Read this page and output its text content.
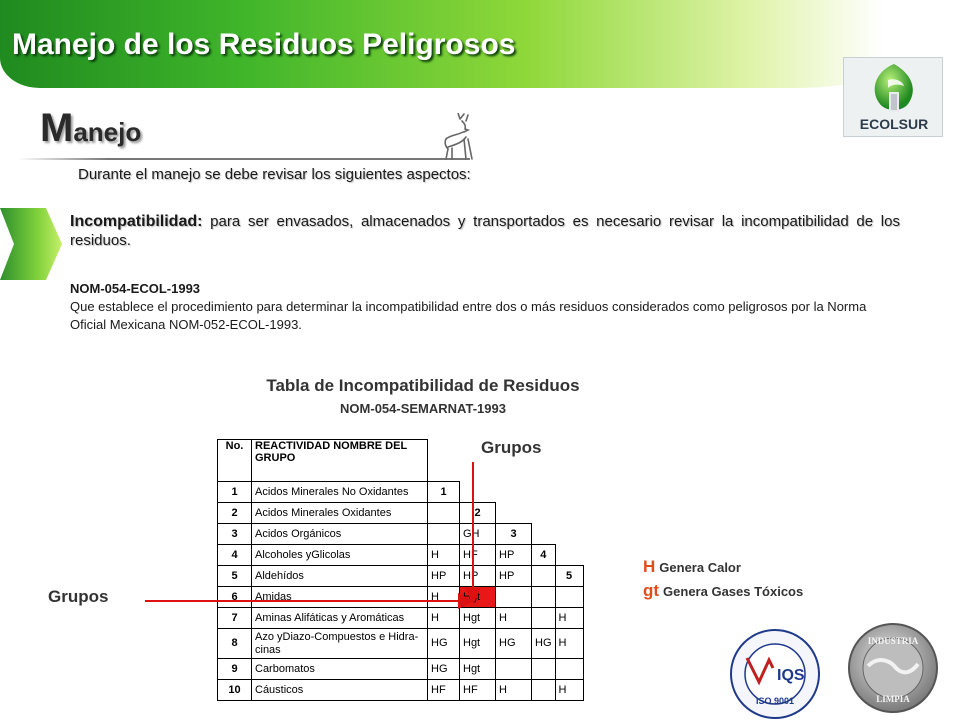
Manejo de los Residuos Peligrosos
ECOLSUR
Manejo
Durante el manejo se debe revisar los siguientes aspectos:
Incompatibilidad: para ser envasados, almacenados y transportados es necesario revisar la incompatibilidad de los residuos.
NOM-054-ECOL-1993
Que establece el procedimiento para determinar la incompatibilidad entre dos o más residuos considerados como peligrosos por la Norma Oficial Mexicana NOM-052-ECOL-1993.
Tabla de Incompatibilidad de Residuos
NOM-054-SEMARNAT-1993
No.	REACTIVIDAD NOMBRE DEL GRUPO					
1	Acidos Minerales No Oxidantes	1				
2	Acidos Minerales Oxidantes		2			
3	Acidos Orgánicos		GH	3		
4	Alcoholes yGlicolas	H	HF	HP	4	
5	Aldehídos	HP	HP	HP		5
6	Amidas	H	Hgt			
7	Aminas Alifáticas y Aromáticas	H	Hgt	H		H
8	Azo yDiazo-Compuestos e Hidra-cinas	HG	Hgt	HG	HG	H
9	Carbomatos	HG	Hgt			
10	Cáusticos	HF	HF	H		H
Grupos
Grupos
H Genera Calor
gt Genera Gases Tóxicos
IQS
ISO 9001
INDUSTRIA
LIMPIA
